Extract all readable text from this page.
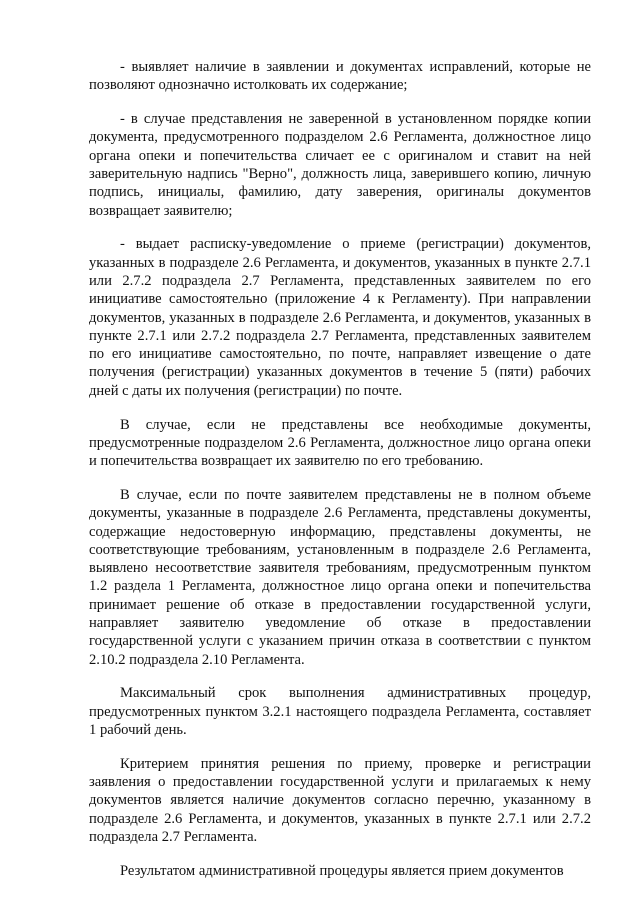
- выявляет наличие в заявлении и документах исправлений, которые не позволяют однозначно истолковать их содержание;

- в случае представления не заверенной в установленном порядке копии документа, предусмотренного подразделом 2.6 Регламента, должностное лицо органа опеки и попечительства сличает ее с оригиналом и ставит на ней заверительную надпись "Верно", должность лица, заверившего копию, личную подпись, инициалы, фамилию, дату заверения, оригиналы документов возвращает заявителю;

- выдает расписку-уведомление о приеме (регистрации) документов, указанных в подразделе 2.6 Регламента, и документов, указанных в пункте 2.7.1 или 2.7.2 подраздела 2.7 Регламента, представленных заявителем по его инициативе самостоятельно (приложение 4 к Регламенту). При направлении документов, указанных в подразделе 2.6 Регламента, и документов, указанных в пункте 2.7.1 или 2.7.2 подраздела 2.7 Регламента, представленных заявителем по его инициативе самостоятельно, по почте, направляет извещение о дате получения (регистрации) указанных документов в течение 5 (пяти) рабочих дней с даты их получения (регистрации) по почте.

В случае, если не представлены все необходимые документы, предусмотренные подразделом 2.6 Регламента, должностное лицо органа опеки и попечительства возвращает их заявителю по его требованию.

В случае, если по почте заявителем представлены не в полном объеме документы, указанные в подразделе 2.6 Регламента, представлены документы, содержащие недостоверную информацию, представлены документы, не соответствующие требованиям, установленным в подразделе 2.6 Регламента, выявлено несоответствие заявителя требованиям, предусмотренным пунктом 1.2 раздела 1 Регламента, должностное лицо органа опеки и попечительства принимает решение об отказе в предоставлении государственной услуги, направляет заявителю уведомление об отказе в предоставлении государственной услуги с указанием причин отказа в соответствии с пунктом 2.10.2 подраздела 2.10 Регламента.

Максимальный срок выполнения административных процедур, предусмотренных пунктом 3.2.1 настоящего подраздела Регламента, составляет 1 рабочий день.

Критерием принятия решения по приему, проверке и регистрации заявления о предоставлении государственной услуги и прилагаемых к нему документов является наличие документов согласно перечню, указанному в подразделе 2.6 Регламента, и документов, указанных в пункте 2.7.1 или 2.7.2 подраздела 2.7 Регламента.

Результатом административной процедуры является прием документов
